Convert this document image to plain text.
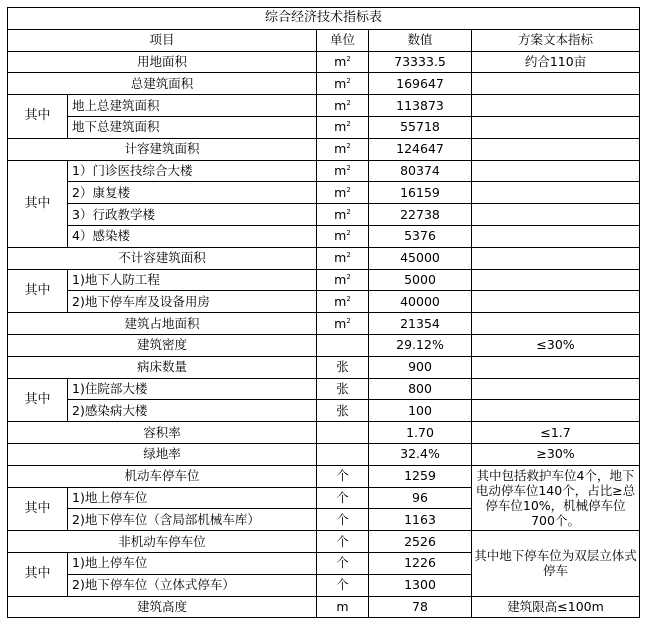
综合经济技术指标表				
项目		单位	数值	方案文本指标
用地面积		$m^2$	73333.5	约合110亩
总建筑面积		$m^2$	169647	
其中	地上总建筑面积	$m^2$	113873	
	地下总建筑面积	$m^2$	55718	
计容建筑面积		$m^2$	124647	
其中	1）门诊医技综合大楼	$m^2$	80374	
	2）康复楼	$m^2$	16159	
	3）行政教学楼	$m^2$	22738	
	4）感染楼	$m^2$	5376	
不计容建筑面积		$m^2$	45000	
其中	1)地下人防工程	$m^2$	5000	
	2)地下停车库及设备用房	$m^2$	40000	
建筑占地面积		$m^2$	21354	
建筑密度			29.12%	≤30%
病床数量		张	900	
其中	1)住院部大楼	张	800	
	2)感染病大楼	张	100	
容积率			1.70	≤1.7
绿地率			32.4%	≥30%
机动车停车位		个	1259	其中包括救护车位4个，地下电动停车位140个，占比≥总停车位10%，机械停车位700个。
其中	1)地上停车位	个	96	
	2)地下停车位（含局部机械车库）	个	1163	
非机动车停车位		个	2526	其中地下停车位为双层立体式停车
其中	1)地上停车位	个	1226	
	2)地下停车位（立体式停车）	个	1300	
建筑高度		m	78	建筑限高≤100m
